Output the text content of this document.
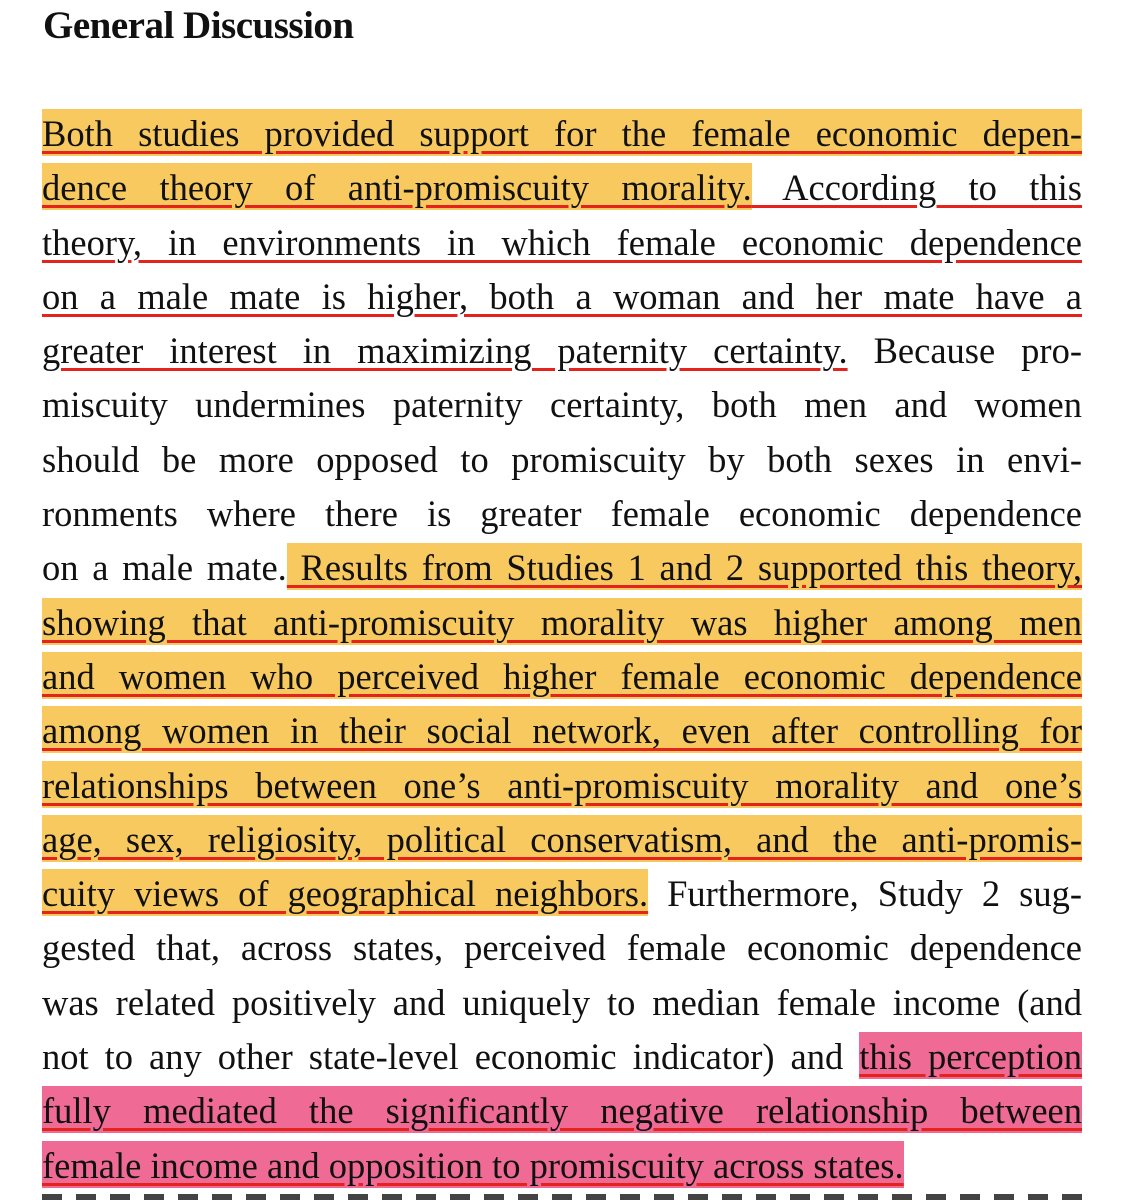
General Discussion
Both studies provided support for the female economic depen-
dence theory of anti-promiscuity morality. According to this
theory, in environments in which female economic dependence
on a male mate is higher, both a woman and her mate have a
greater interest in maximizing paternity certainty. Because pro-
miscuity undermines paternity certainty, both men and women
should be more opposed to promiscuity by both sexes in envi-
ronments where there is greater female economic dependence
on a male mate. Results from Studies 1 and 2 supported this theory,
showing that anti-promiscuity morality was higher among men
and women who perceived higher female economic dependence
among women in their social network, even after controlling for
relationships between one’s anti-promiscuity morality and one’s
age, sex, religiosity, political conservatism, and the anti-promis-
cuity views of geographical neighbors. Furthermore, Study 2 sug-
gested that, across states, perceived female economic dependence
was related positively and uniquely to median female income (and
not to any other state-level economic indicator) and this perception
fully mediated the significantly negative relationship between
female income and opposition to promiscuity across states.
